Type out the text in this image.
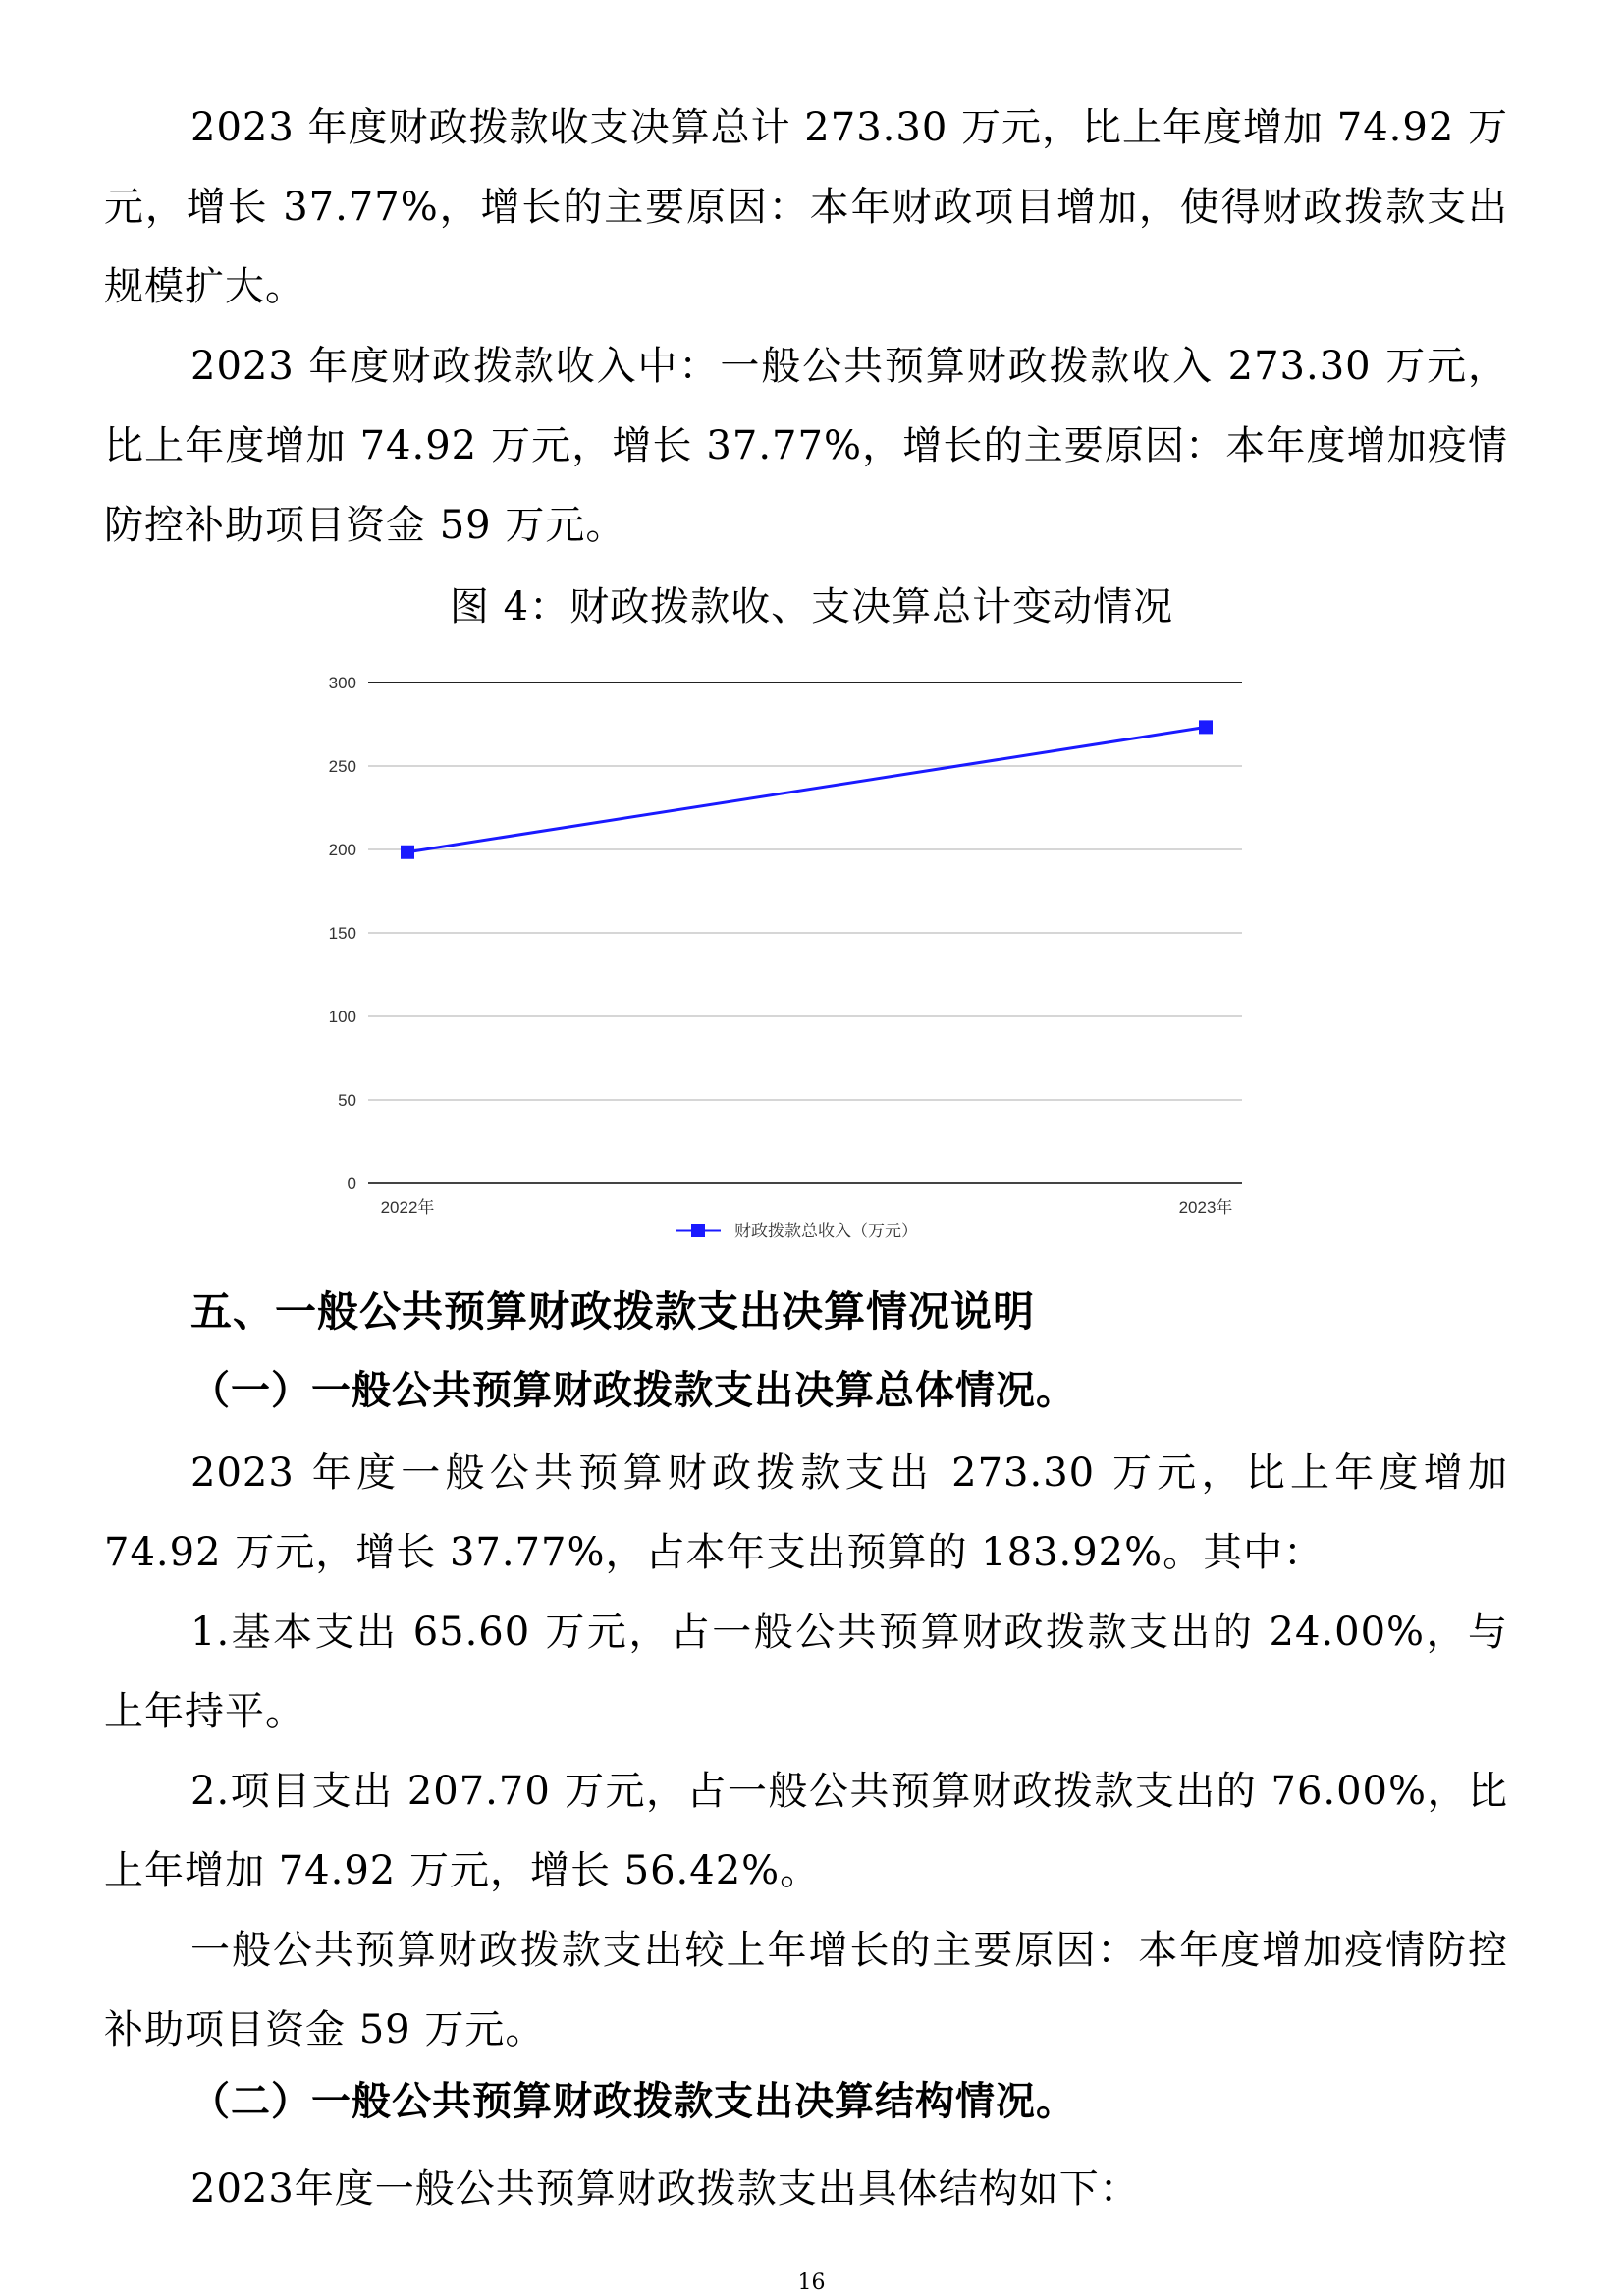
2023 年度财政拨款收支决算总计 273.30 万元，比上年度增加 74.92 万元，增长 37.77%，增长的主要原因：本年财政项目增加，使得财政拨款支出规模扩大。

2023 年度财政拨款收入中：一般公共预算财政拨款收入 273.30 万元，比上年度增加 74.92 万元，增长 37.77%，增长的主要原因：本年度增加疫情防控补助项目资金 59 万元。

图 4：财政拨款收、支决算总计变动情况
0
50
100
150
200
250
300
2022年	2023年
财政拨款总收入（万元）
五、一般公共预算财政拨款支出决算情况说明
（一）一般公共预算财政拨款支出决算总体情况。

2023 年度一般公共预算财政拨款支出 273.30 万元，比上年度增加 74.92 万元，增长 37.77%，占本年支出预算的 183.92%。其中：

1.基本支出 65.60 万元，占一般公共预算财政拨款支出的 24.00%，与上年持平。

2.项目支出 207.70 万元，占一般公共预算财政拨款支出的 76.00%，比上年增加 74.92 万元，增长 56.42%。

一般公共预算财政拨款支出较上年增长的主要原因：本年度增加疫情防控补助项目资金 59 万元。

（二）一般公共预算财政拨款支出决算结构情况。

2023年度一般公共预算财政拨款支出具体结构如下：

16
